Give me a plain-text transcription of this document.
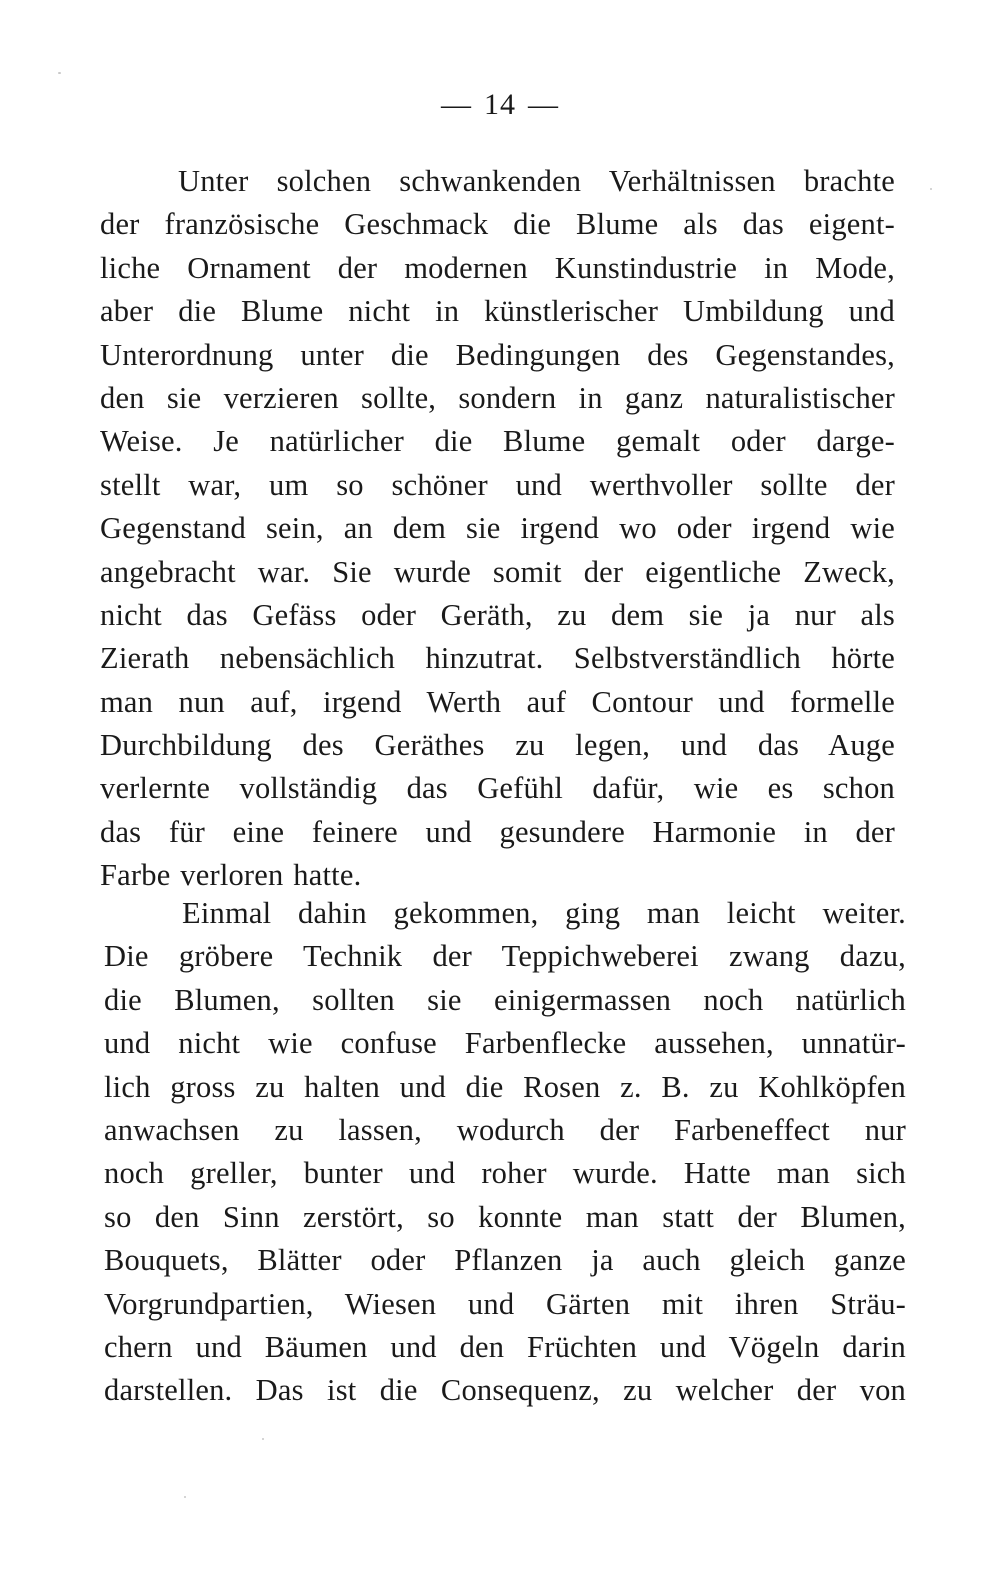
— 14 —
Unter solchen schwankenden Verhältnissen brachte
der französische Geschmack die Blume als das eigent-
liche Ornament der modernen Kunstindustrie in Mode,
aber die Blume nicht in künstlerischer Umbildung und
Unterordnung unter die Bedingungen des Gegenstandes,
den sie verzieren sollte, sondern in ganz naturalistischer
Weise. Je natürlicher die Blume gemalt oder darge-
stellt war, um so schöner und werthvoller sollte der
Gegenstand sein, an dem sie irgend wo oder irgend wie
angebracht war. Sie wurde somit der eigentliche Zweck,
nicht das Gefäss oder Geräth, zu dem sie ja nur als
Zierath nebensächlich hinzutrat. Selbstverständlich hörte
man nun auf, irgend Werth auf Contour und formelle
Durchbildung des Geräthes zu legen, und das Auge
verlernte vollständig das Gefühl dafür, wie es schon
das für eine feinere und gesundere Harmonie in der
Farbe verloren hatte.
Einmal dahin gekommen, ging man leicht weiter.
Die gröbere Technik der Teppichweberei zwang dazu,
die Blumen, sollten sie einigermassen noch natürlich
und nicht wie confuse Farbenflecke aussehen, unnatür-
lich gross zu halten und die Rosen z. B. zu Kohlköpfen
anwachsen zu lassen, wodurch der Farbeneffect nur
noch greller, bunter und roher wurde. Hatte man sich
so den Sinn zerstört, so konnte man statt der Blumen,
Bouquets, Blätter oder Pflanzen ja auch gleich ganze
Vorgrundpartien, Wiesen und Gärten mit ihren Sträu-
chern und Bäumen und den Früchten und Vögeln darin
darstellen. Das ist die Consequenz, zu welcher der von
